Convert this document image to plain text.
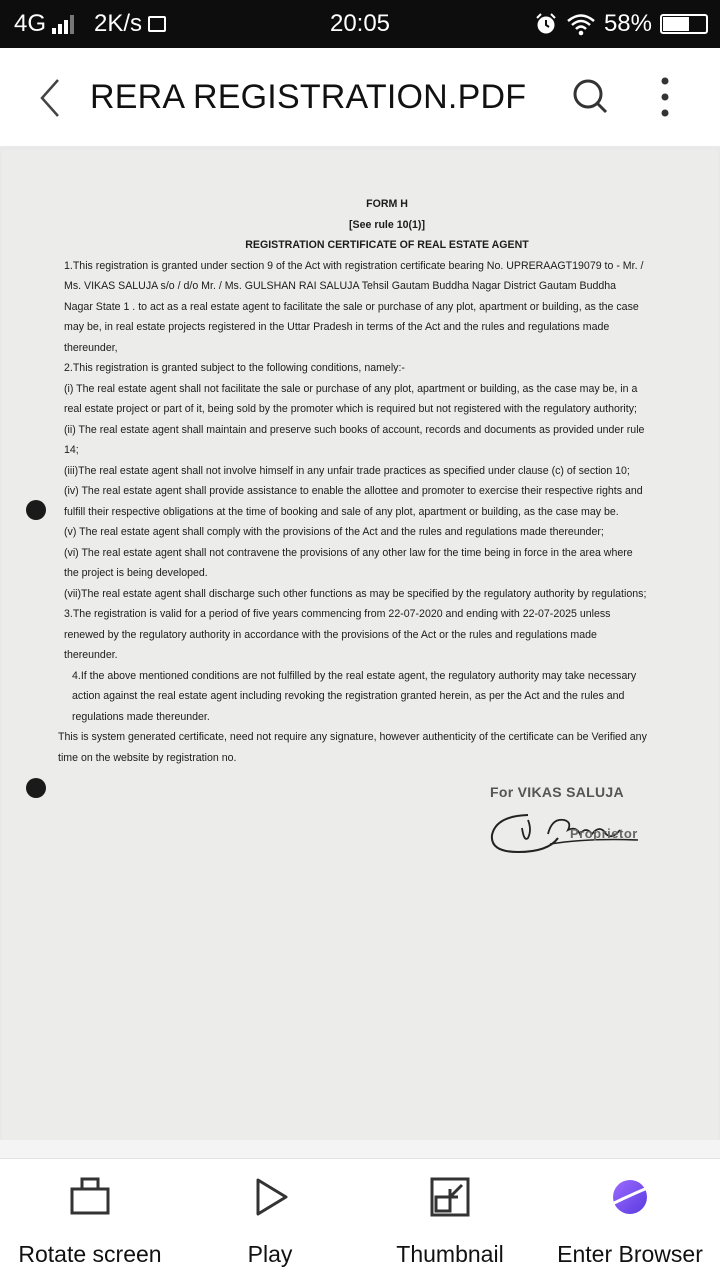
4G 2K/s	20:05	58%
RERA REGISTRATION.PDF

FORM H

[See rule 10(1)]

REGISTRATION CERTIFICATE OF REAL ESTATE AGENT

1.This registration is granted under section 9 of the Act with registration certificate bearing No. UPRERAAGT19079 to - Mr. /

Ms. VIKAS SALUJA s/o / d/o Mr. / Ms. GULSHAN RAI SALUJA Tehsil Gautam Buddha Nagar District Gautam Buddha

Nagar State 1 . to act as a real estate agent to facilitate the sale or purchase of any plot, apartment or building, as the case

may be, in real estate projects registered in the Uttar Pradesh in terms of the Act and the rules and regulations made

thereunder,

2.This registration is granted subject to the following conditions, namely:-

(i) The real estate agent shall not facilitate the sale or purchase of any plot, apartment or building, as the case may be, in a

real estate project or part of it, being sold by the promoter which is required but not registered with the regulatory authority;

(ii) The real estate agent shall maintain and preserve such books of account, records and documents as provided under rule

14;

(iii)The real estate agent shall not involve himself in any unfair trade practices as specified under clause (c) of section 10;

(iv) The real estate agent shall provide assistance to enable the allottee and promoter to exercise their respective rights and

fulfill their respective obligations at the time of booking and sale of any plot, apartment or building, as the case may be.

(v) The real estate agent shall comply with the provisions of the Act and the rules and regulations made thereunder;

(vi) The real estate agent shall not contravene the provisions of any other law for the time being in force in the area where

the project is being developed.

(vii)The real estate agent shall discharge such other functions as may be specified by the regulatory authority by regulations;

3.The registration is valid for a period of five years commencing from 22-07-2020 and ending with 22-07-2025 unless

renewed by the regulatory authority in accordance with the provisions of the Act or the rules and regulations made

thereunder.

4.If the above mentioned conditions are not fulfilled by the real estate agent, the regulatory authority may take necessary

action against the real estate agent including revoking the registration granted herein, as per the Act and the rules and

regulations made thereunder.

This is system generated certificate, need not require any signature, however authenticity of the certificate can be Verified any

time on the website by registration no.

For VIKAS SALUJA
Proprietor
Rotate screen	Play	Thumbnail	Enter Browser
